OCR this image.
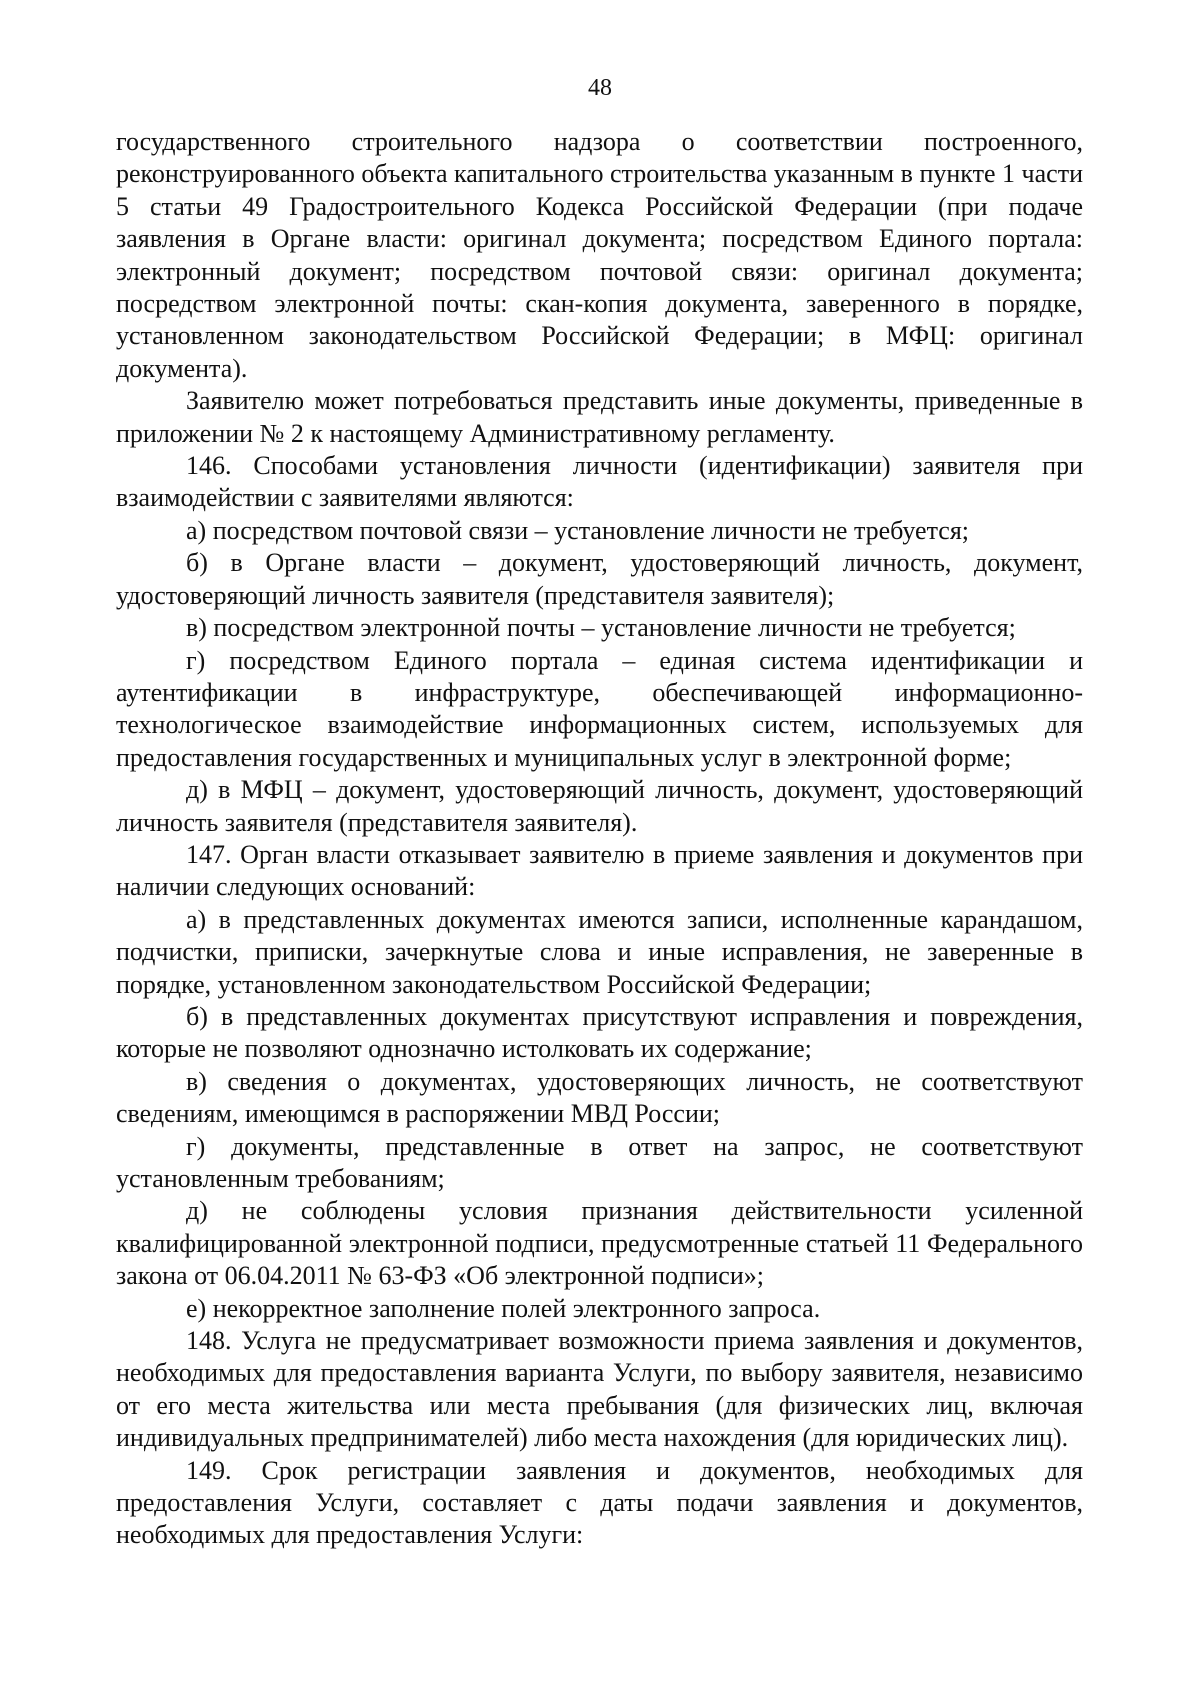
48

государственного строительного надзора о соответствии построенного, реконструированного объекта капитального строительства указанным в пункте 1 части 5 статьи 49 Градостроительного Кодекса Российской Федерации (при подаче заявления в Органе власти: оригинал документа; посредством Единого портала: электронный документ; посредством почтовой связи: оригинал документа; посредством электронной почты: скан-копия документа, заверенного в порядке, установленном законодательством Российской Федерации; в МФЦ: оригинал документа).

Заявителю может потребоваться представить иные документы, приведенные в приложении № 2 к настоящему Административному регламенту.

146. Способами установления личности (идентификации) заявителя при взаимодействии с заявителями являются:

а) посредством почтовой связи – установление личности не требуется;

б) в Органе власти – документ, удостоверяющий личность, документ, удостоверяющий личность заявителя (представителя заявителя);

в) посредством электронной почты – установление личности не требуется;

г) посредством Единого портала – единая система идентификации и аутентификации в инфраструктуре, обеспечивающей информационно-технологическое взаимодействие информационных систем, используемых для предоставления государственных и муниципальных услуг в электронной форме;

д) в МФЦ – документ, удостоверяющий личность, документ, удостоверяющий личность заявителя (представителя заявителя).

147. Орган власти отказывает заявителю в приеме заявления и документов при наличии следующих оснований:

а) в представленных документах имеются записи, исполненные карандашом, подчистки, приписки, зачеркнутые слова и иные исправления, не заверенные в порядке, установленном законодательством Российской Федерации;

б) в представленных документах присутствуют исправления и повреждения, которые не позволяют однозначно истолковать их содержание;

в) сведения о документах, удостоверяющих личность, не соответствуют сведениям, имеющимся в распоряжении МВД России;

г) документы, представленные в ответ на запрос, не соответствуют установленным требованиям;

д) не соблюдены условия признания действительности усиленной квалифицированной электронной подписи, предусмотренные статьей 11 Федерального закона от 06.04.2011 № 63-ФЗ «Об электронной подписи»;

е) некорректное заполнение полей электронного запроса.

148. Услуга не предусматривает возможности приема заявления и документов, необходимых для предоставления варианта Услуги, по выбору заявителя, независимо от его места жительства или места пребывания (для физических лиц, включая индивидуальных предпринимателей) либо места нахождения (для юридических лиц).

149. Срок регистрации заявления и документов, необходимых для предоставления Услуги, составляет с даты подачи заявления и документов, необходимых для предоставления Услуги:
